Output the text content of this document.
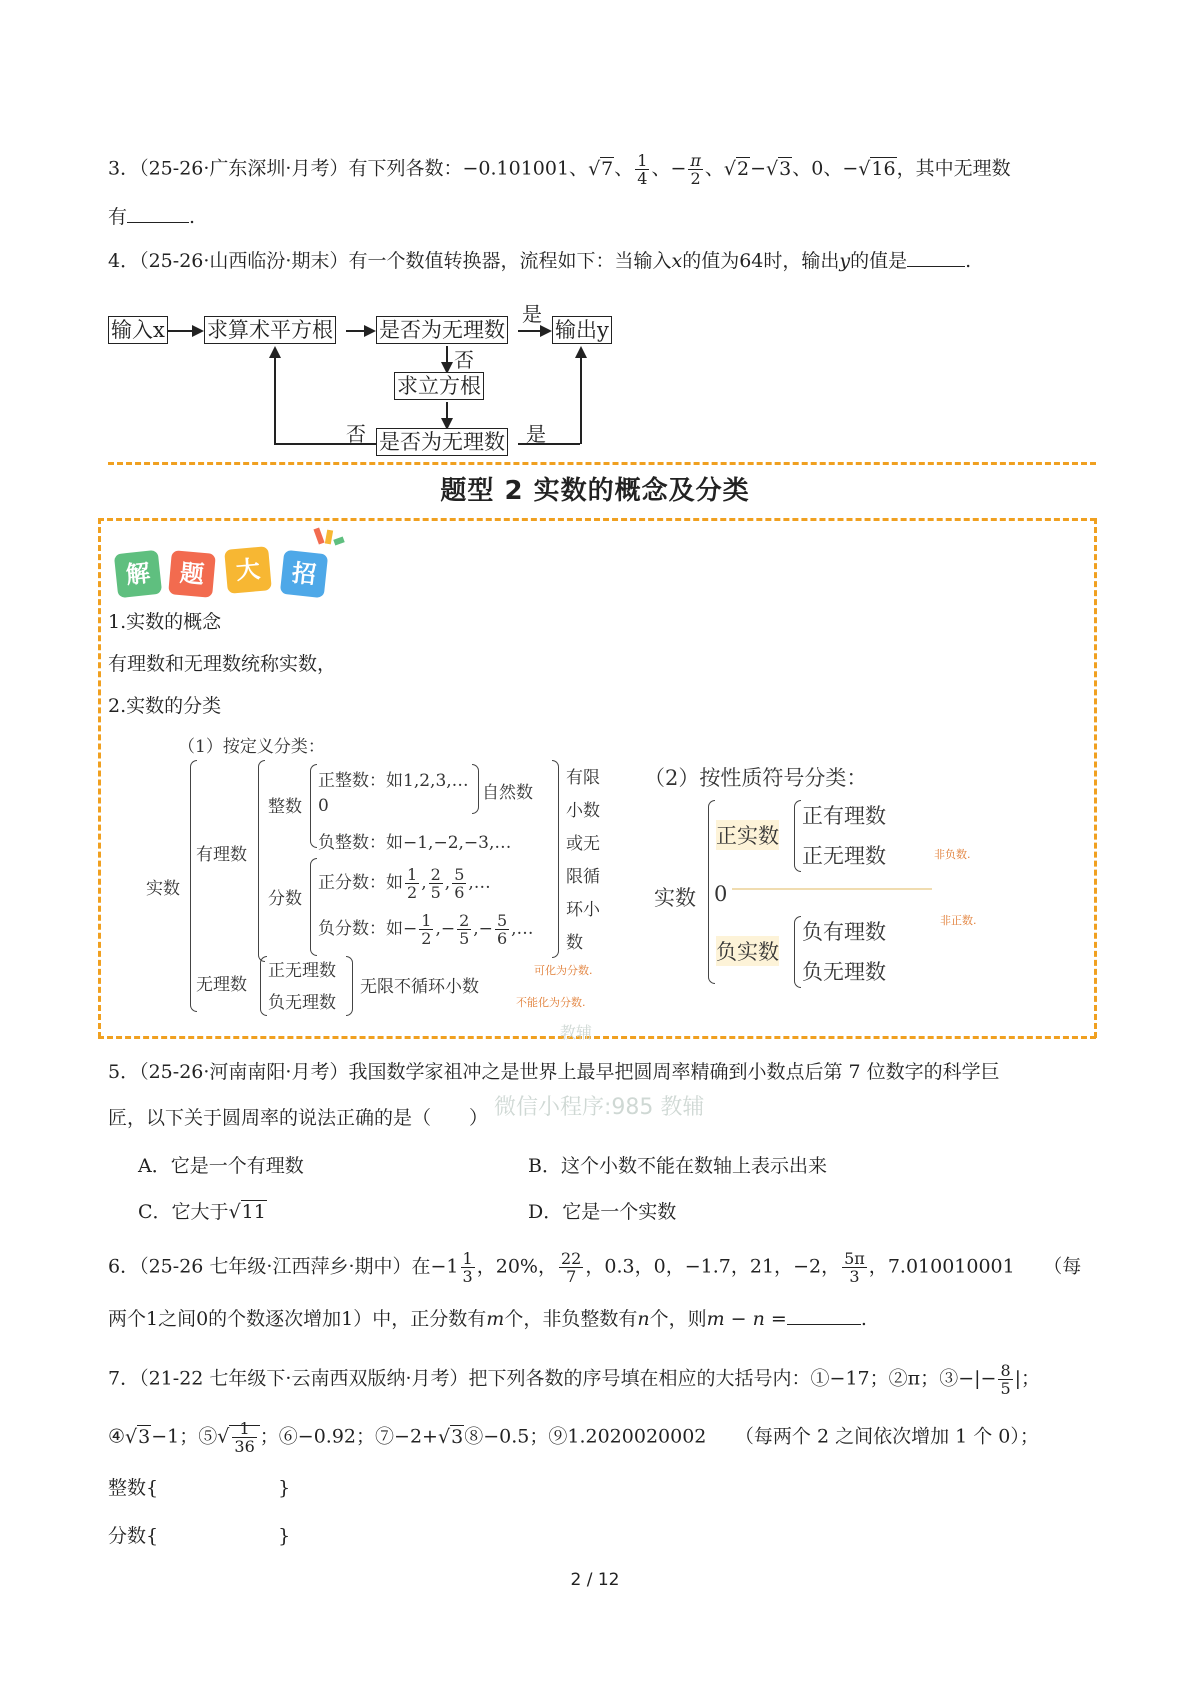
3．（25-26·广东深圳·月考）有下列各数：−0.101001、√7、 $\frac{1}{4}$ 、− $\frac{\pi}{2}$ 、√2−√3、0、−√16，其中无理数
有	.
4．（25-26·山西临汾·期末）有一个数值转换器，流程如下：当输入x的值为64时，输出y的值是	.
输入x 求算术平方根 是否为无理数
是
输出y
否
求立方根
是否为无理数
否	是
题型 2 实数的概念及分类
解	题	大	招
1.实数的概念
有理数和无理数统称实数，
2.实数的分类
（1）按定义分类：
实数
有理数
整数
正整数：如1,2,3,…
0
自然数
负整数：如−1,−2,−3,…
分数
正分数：如 $\frac{1}{2}$ , $\frac{2}{5}$ , $\frac{5}{6}$ ,…
负分数：如− $\frac{1}{2}$ ,− $\frac{2}{5}$ ,− $\frac{5}{6}$ ,…
有限
小数
或无
限循
环小
数
无理数
正无理数
负无理数
无限不循环小数
可化为分数.
不能化为分数.
（2）按性质符号分类：
实数
正实数
正有理数
正无理数
0
负实数
负有理数
负无理数
非负数.
非正数.
教辅
微信小程序:985 教辅
5．（25-26·河南南阳·月考）我国数学家祖冲之是世界上最早把圆周率精确到小数点后第 7 位数字的科学巨
匠，以下关于圆周率的说法正确的是（　　）
A．它是一个有理数	B．这个小数不能在数轴上表示出来
C．它大于√11	D．它是一个实数
6．（25-26 七年级·江西萍乡·期中）在$-1 \frac{1}{3}$ ，20%， $\frac{22}{7}$ ，0.3，0，−1.7，21，−2， $\frac{5\pi}{3}$ ，7.010010001　　 （每
两个1之间0的个数逐次增加1）中，正分数有m个，非负整数有n个，则m − n =	.
7．（21-22 七年级下·云南西双版纳·月考）把下列各数的序号填在相应的大括号内：①−17；②π；③−|− $\frac{8}{5}$ |；
④√3−1；⑤√ $\frac{1}{36}$ ；⑥−0.92；⑦−2+√3⑧−0.5；⑨1.2020020002　　 （每两个 2 之间依次增加 1 个 0）；
整数{	}
分数{	}
2 / 12
